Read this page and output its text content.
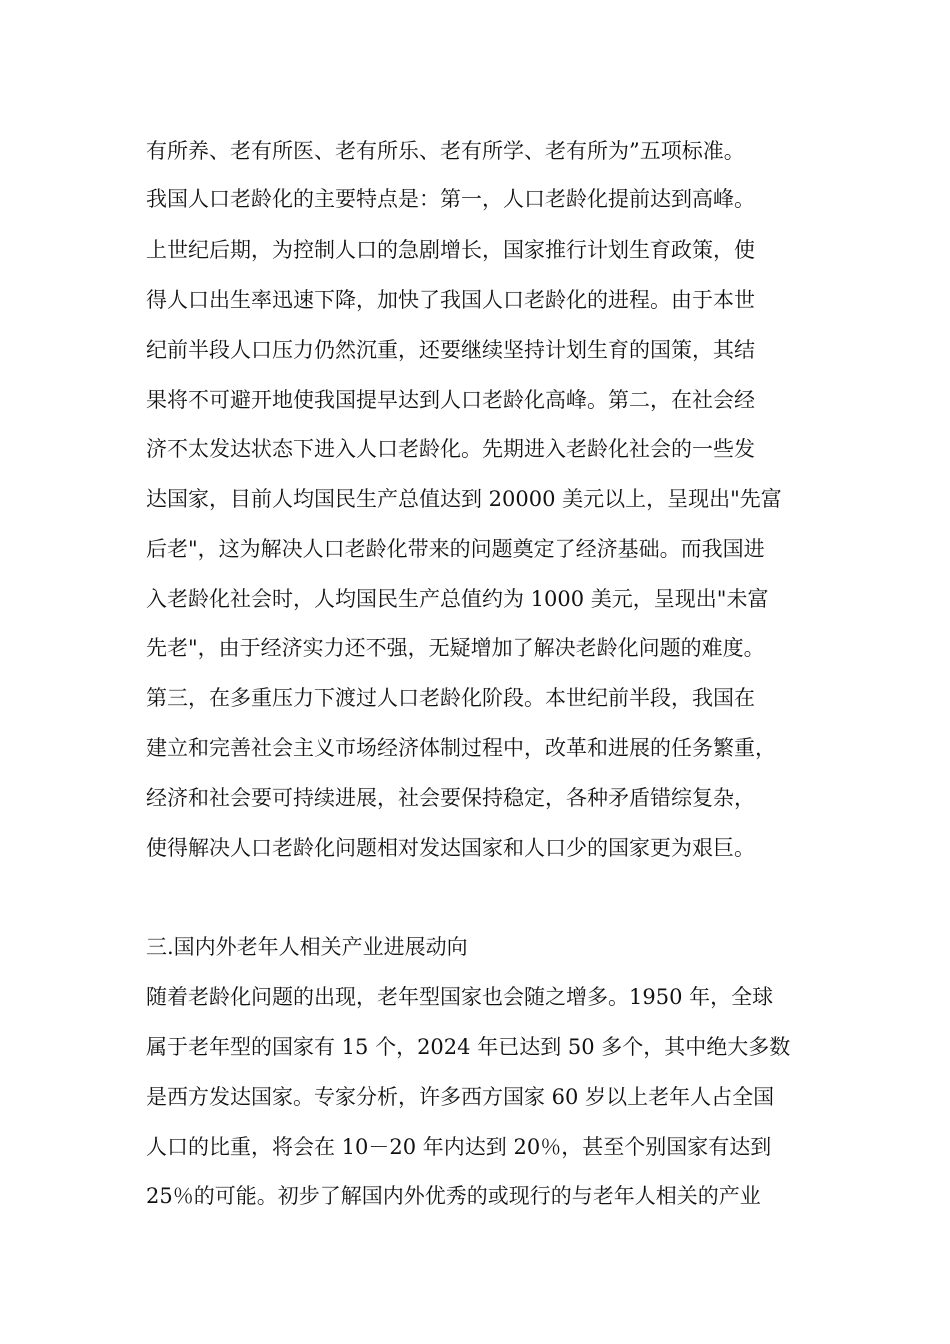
有所养、老有所医、老有所乐、老有所学、老有所为”五项标准。
我国人口老龄化的主要特点是：第一，人口老龄化提前达到高峰。
上世纪后期，为控制人口的急剧增长，国家推行计划生育政策，使
得人口出生率迅速下降，加快了我国人口老龄化的进程。由于本世
纪前半段人口压力仍然沉重，还要继续坚持计划生育的国策，其结
果将不可避开地使我国提早达到人口老龄化高峰。第二，在社会经
济不太发达状态下进入人口老龄化。先期进入老龄化社会的一些发
达国家，目前人均国民生产总值达到 20000 美元以上，呈现出"先富
后老"，这为解决人口老龄化带来的问题奠定了经济基础。而我国进
入老龄化社会时，人均国民生产总值约为 1000 美元，呈现出"未富
先老"，由于经济实力还不强，无疑增加了解决老龄化问题的难度。
第三，在多重压力下渡过人口老龄化阶段。本世纪前半段，我国在
建立和完善社会主义市场经济体制过程中，改革和进展的任务繁重，
经济和社会要可持续进展，社会要保持稳定，各种矛盾错综复杂，
使得解决人口老龄化问题相对发达国家和人口少的国家更为艰巨。
三.国内外老年人相关产业进展动向
随着老龄化问题的出现，老年型国家也会随之增多。1950 年，全球
属于老年型的国家有 15 个，2024 年已达到 50 多个，其中绝大多数
是西方发达国家。专家分析，许多西方国家 60 岁以上老年人占全国
人口的比重，将会在 10－20 年内达到 20％，甚至个别国家有达到
25％的可能。初步了解国内外优秀的或现行的与老年人相关的产业
